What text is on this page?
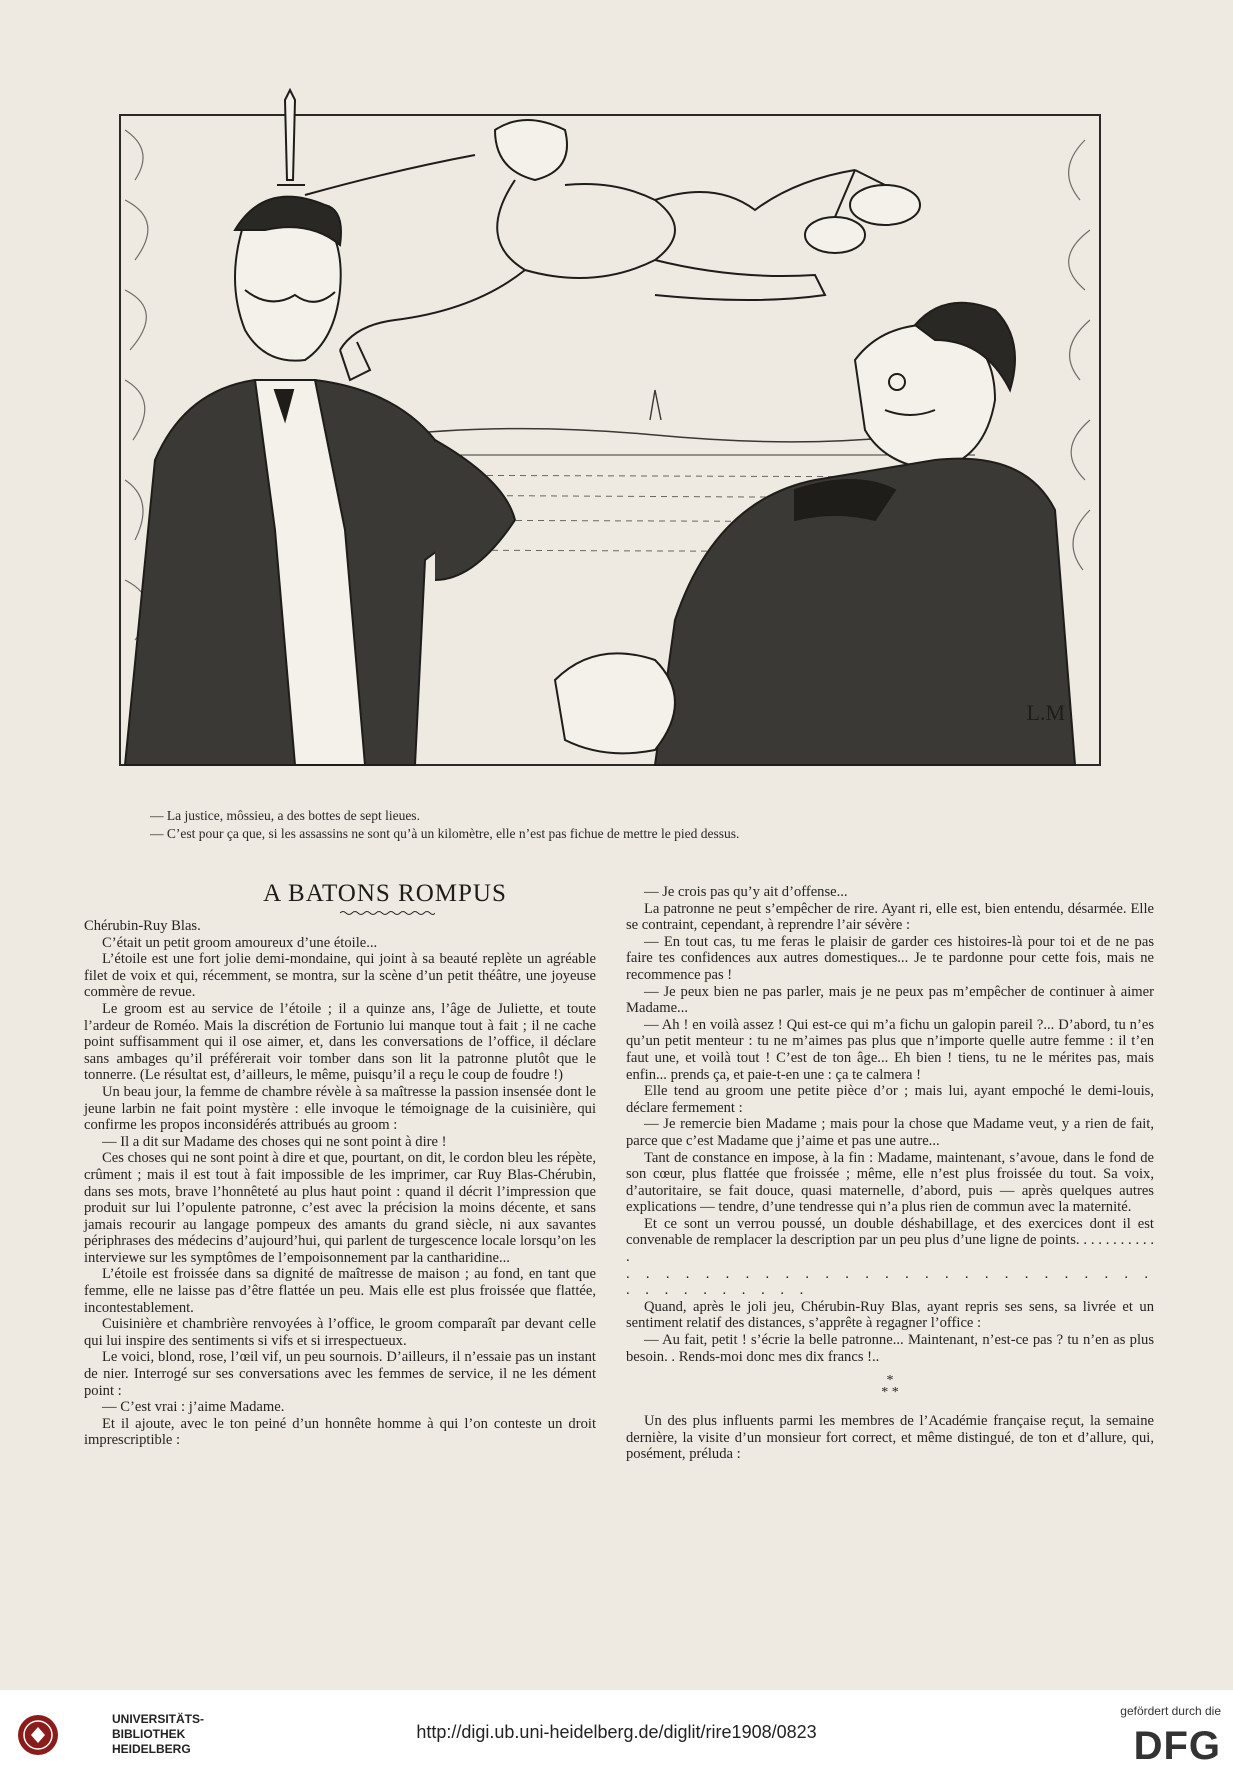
L.M
— La justice, môssieu, a des bottes de sept lieues.
— C’est pour ça que, si les assassins ne sont qu’à un kilomètre, elle n’est pas fichue de mettre le pied dessus.
A BATONS ROMPUS

Chérubin-Ruy Blas.

C’était un petit groom amoureux d’une étoile...

L’étoile est une fort jolie demi-mondaine, qui joint à sa beauté replète un agréable filet de voix et qui, récemment, se montra, sur la scène d’un petit théâtre, une joyeuse commère de revue.

Le groom est au service de l’étoile ; il a quinze ans, l’âge de Juliette, et toute l’ardeur de Roméo. Mais la discrétion de Fortunio lui manque tout à fait ; il ne cache point suffisamment qui il ose aimer, et, dans les conversations de l’office, il déclare sans ambages qu’il préférerait voir tomber dans son lit la patronne plutôt que le tonnerre. (Le résultat est, d’ailleurs, le même, puisqu’il a reçu le coup de foudre !)

Un beau jour, la femme de chambre révèle à sa maîtresse la passion insensée dont le jeune larbin ne fait point mystère : elle invoque le témoignage de la cuisinière, qui confirme les propos inconsidérés attribués au groom :

— Il a dit sur Madame des choses qui ne sont point à dire !

Ces choses qui ne sont point à dire et que, pourtant, on dit, le cordon bleu les répète, crûment ; mais il est tout à fait impossible de les imprimer, car Ruy Blas-Chérubin, dans ses mots, brave l’honnêteté au plus haut point : quand il décrit l’impression que produit sur lui l’opulente patronne, c’est avec la précision la moins décente, et sans jamais recourir au langage pompeux des amants du grand siècle, ni aux savantes périphrases des médecins d’aujourd’hui, qui parlent de turgescence locale lorsqu’on les interviewe sur les symptômes de l’empoisonnement par la cantharidine...

L’étoile est froissée dans sa dignité de maîtresse de maison ; au fond, en tant que femme, elle ne laisse pas d’être flattée un peu. Mais elle est plus froissée que flattée, incontestablement.

Cuisinière et chambrière renvoyées à l’office, le groom comparaît par devant celle qui lui inspire des sentiments si vifs et si irrespectueux.

Le voici, blond, rose, l’œil vif, un peu sournois. D’ailleurs, il n’essaie pas un instant de nier. Interrogé sur ses conversations avec les femmes de service, il ne les dément point :

— C’est vrai : j’aime Madame.

Et il ajoute, avec le ton peiné d’un honnête homme à qui l’on conteste un droit imprescriptible :

— Je crois pas qu’y ait d’offense...

La patronne ne peut s’empêcher de rire. Ayant ri, elle est, bien entendu, désarmée. Elle se contraint, cependant, à reprendre l’air sévère :

— En tout cas, tu me feras le plaisir de garder ces histoires-là pour toi et de ne pas faire tes confidences aux autres domestiques... Je te pardonne pour cette fois, mais ne recommence pas !

— Je peux bien ne pas parler, mais je ne peux pas m’empêcher de continuer à aimer Madame...

— Ah ! en voilà assez ! Qui est-ce qui m’a fichu un galopin pareil ?... D’abord, tu n’es qu’un petit menteur : tu ne m’aimes pas plus que n’importe quelle autre femme : il t’en faut une, et voilà tout ! C’est de ton âge... Eh bien ! tiens, tu ne le mérites pas, mais enfin... prends ça, et paie-t-en une : ça te calmera !

Elle tend au groom une petite pièce d’or ; mais lui, ayant empoché le demi-louis, déclare fermement :

— Je remercie bien Madame ; mais pour la chose que Madame veut, y a rien de fait, parce que c’est Madame que j’aime et pas une autre...

Tant de constance en impose, à la fin : Madame, maintenant, s’avoue, dans le fond de son cœur, plus flattée que froissée ; même, elle n’est plus froissée du tout. Sa voix, d’autoritaire, se fait douce, quasi maternelle, d’abord, puis — après quelques autres explications — tendre, d’une tendresse qui n’a plus rien de commun avec la maternité.

Et ce sont un verrou poussé, un double déshabillage, et des exercices dont il est convenable de remplacer la description par un peu plus d’une ligne de points. . . . . . . . . . . .

. . . . . . . . . . . . . . . . . . . . . . . . . . . . . . . . . . . . .

Quand, après le joli jeu, Chérubin-Ruy Blas, ayant repris ses sens, sa livrée et un sentiment relatif des distances, s’apprête à regagner l’office :

— Au fait, petit ! s’écrie la belle patronne... Maintenant, n’est-ce pas ? tu n’en as plus besoin. . Rends-moi donc mes dix francs !..

*
* *

Un des plus influents parmi les membres de l’Académie française reçut, la semaine dernière, la visite d’un monsieur fort correct, et même distingué, de ton et d’allure, qui, posément, préluda :

UNIVERSITÄTS-
BIBLIOTHEK
HEIDELBERG
http://digi.ub.uni-heidelberg.de/diglit/rire1908/0823
gefördert durch die
DFG
